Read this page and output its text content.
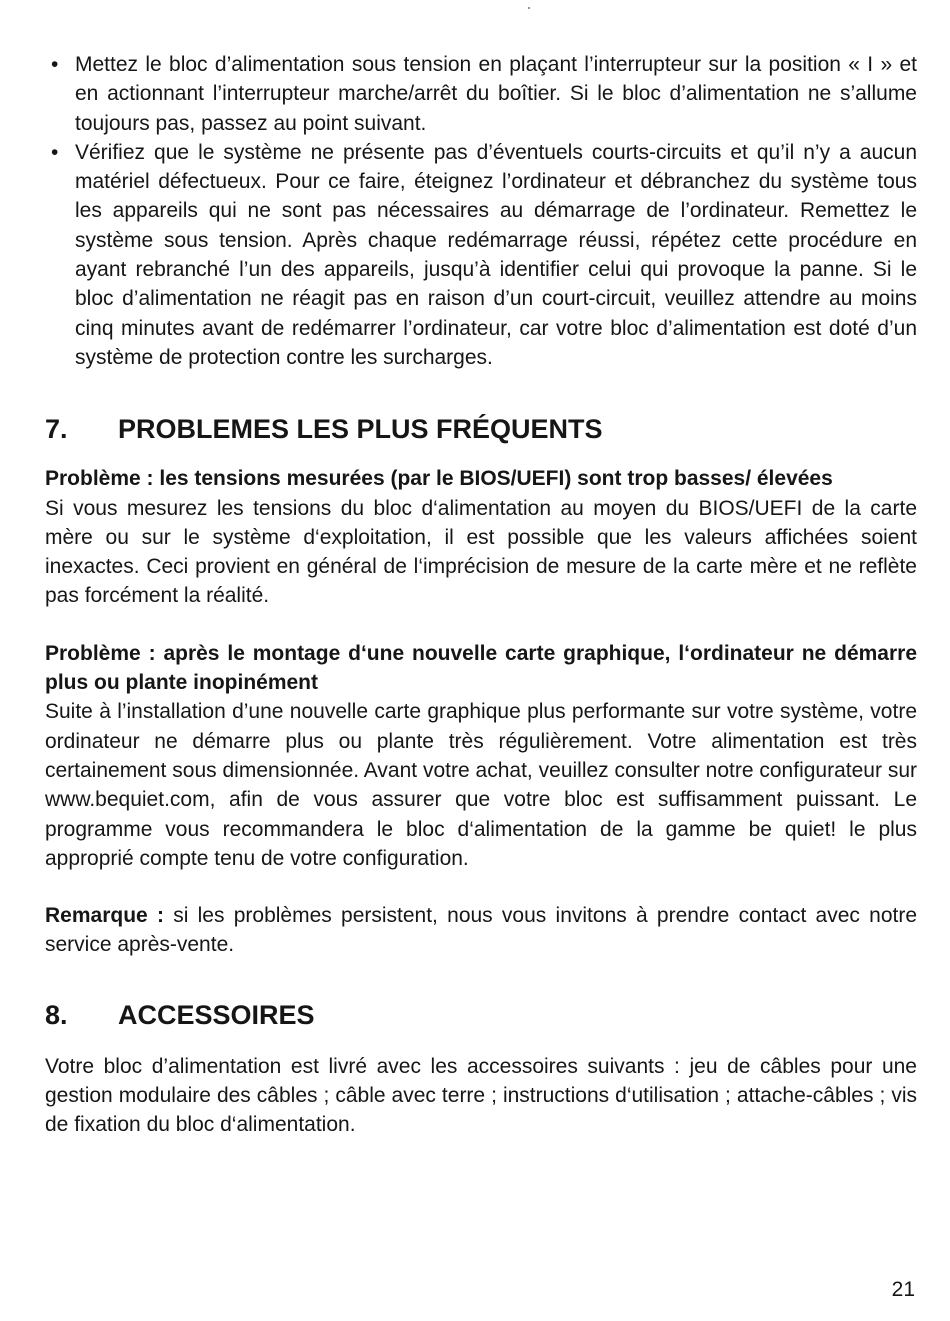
• Mettez le bloc d’alimentation sous tension en plaçant l’interrupteur sur la position « I » et en actionnant l’interrupteur marche/arrêt du boîtier. Si le bloc d’alimentation ne s’allume toujours pas, passez au point suivant.
• Vérifiez que le système ne présente pas d’éventuels courts-circuits et qu’il n’y a aucun matériel défectueux. Pour ce faire, éteignez l’ordinateur et débranchez du système tous les appareils qui ne sont pas nécessaires au démarrage de l’ordinateur. Remettez le système sous tension. Après chaque redémarrage réussi, répétez cette procédure en ayant rebranché l’un des appareils, jusqu’à identifier celui qui provoque la panne. Si le bloc d’alimentation ne réagit pas en raison d’un court-circuit, veuillez attendre au moins cinq minutes avant de redémarrer l’ordinateur, car votre bloc d’alimentation est doté d’un système de protection contre les surcharges.
7.	PROBLEMES LES PLUS FRÉQUENTS

Problème : les tensions mesurées (par le BIOS/UEFI) sont trop basses/ élevées

Si vous mesurez les tensions du bloc d‘alimentation au moyen du BIOS/UEFI de la carte mère ou sur le système d‘exploitation, il est possible que les valeurs affichées soient inexactes. Ceci provient en général de l‘imprécision de mesure de la carte mère et ne reflète pas forcément la réalité.

Problème : après le montage d‘une nouvelle carte graphique, l‘ordinateur ne démarre plus ou plante inopinément

Suite à l’installation d’une nouvelle carte graphique plus performante sur votre système, votre ordinateur ne démarre plus ou plante très régulièrement. Votre alimentation est très certainement sous dimensionnée. Avant votre achat, veuillez consulter notre configurateur sur www.bequiet.com, afin de vous assurer que votre bloc est suffisamment puissant. Le programme vous recommandera le bloc d‘alimentation de la gamme be quiet! le plus approprié compte tenu de votre configuration.

Remarque : si les problèmes persistent, nous vous invitons à prendre contact avec notre service après-vente.

8.	ACCESSOIRES

Votre bloc d’alimentation est livré avec les accessoires suivants : jeu de câbles pour une gestion modulaire des câbles ; câble avec terre ; instructions d‘utilisation ; attache-câbles ; vis de fixation du bloc d‘alimentation.

21
